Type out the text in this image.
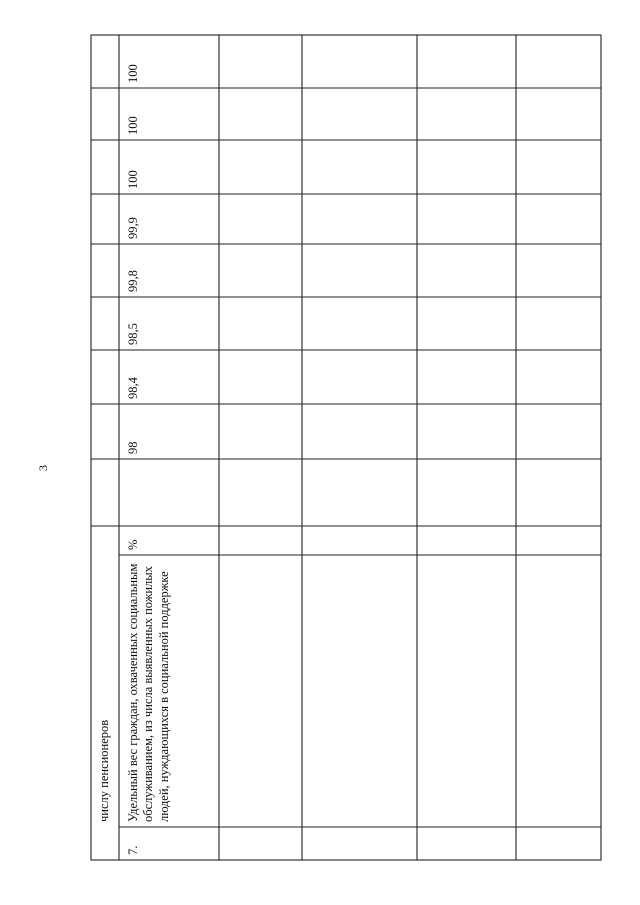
3
числу пенсионеров
7.
Удельный вес граждан, охваченных социальным обслуживанием, из числа выявленных пожилых людей, нуждающихся в социальной поддержке
%
98
98,4
98,5
99,8
99,9
100
100
100
